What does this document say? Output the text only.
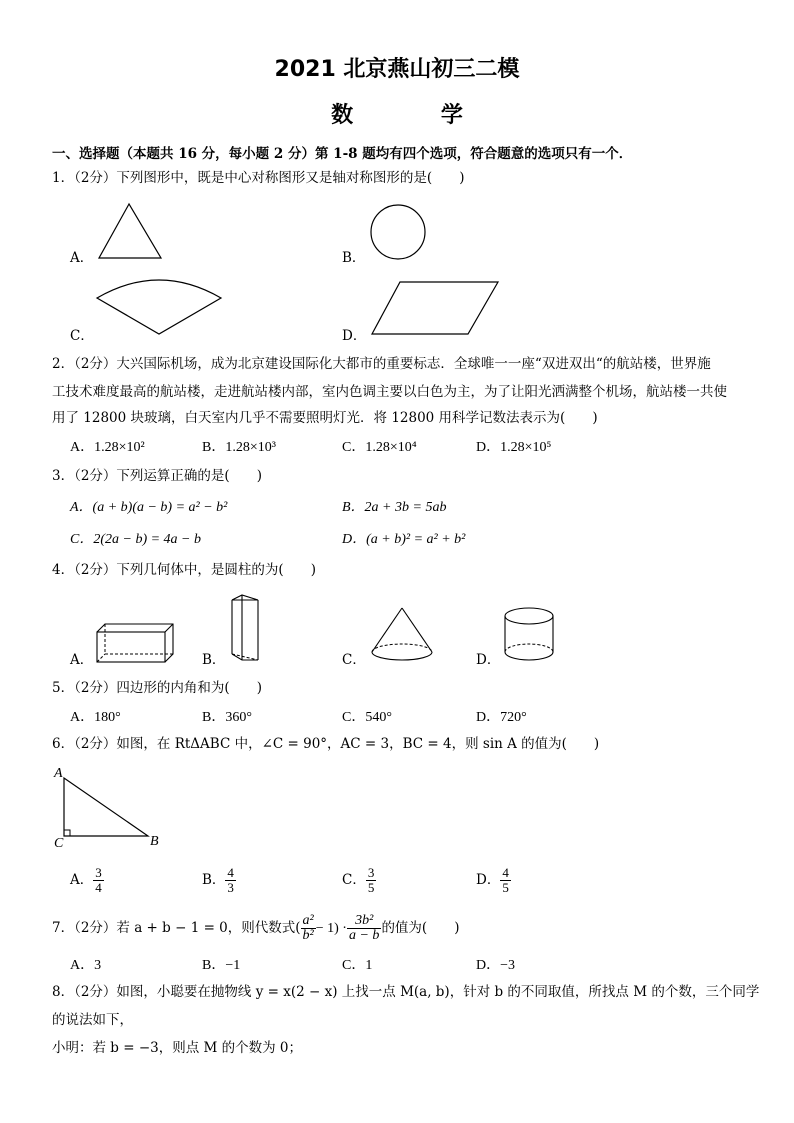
2021 北京燕山初三二模
数 学
一、选择题（本题共 16 分，每小题 2 分）第 1-8 题均有四个选项，符合题意的选项只有一个．
1．（2分）下列图形中，既是中心对称图形又是轴对称图形的是(　　)
A．	B．
C．	D．
2．（2分）大兴国际机场，成为北京建设国际化大都市的重要标志．全球唯一一座“双进双出“的航站楼，世界施
工技术难度最高的航站楼，走进航站楼内部，室内色调主要以白色为主，为了让阳光洒满整个机场，航站楼一共使
用了 12800 块玻璃，白天室内几乎不需要照明灯光．将 12800 用科学记数法表示为(　　)
A．1.28×10²	B．1.28×10³	C．1.28×10⁴	D．1.28×10⁵
3．（2分）下列运算正确的是(　　)
A．(a + b)(a − b) = a² − b²	B．2a + 3b = 5ab
C．2(2a − b) = 4a − b	D．(a + b)² = a² + b²
4．（2分）下列几何体中，是圆柱的为(　　)
A．	B．	C．	D．
5．（2分）四边形的内角和为(　　)
A．180°	B．360°	C．540°	D．720°
6．（2分）如图，在 RtΔABC 中，∠C = 90°，AC = 3，BC = 4，则 sin A 的值为(　　)
A
C	B
A． $\frac{3}{4}$	B． $\frac{4}{3}$	C． $\frac{3}{5}$	D． $\frac{4}{5}$
7．（2分）若 a + b − 1 = 0，则代数式( $\frac{\text{a²}}{\text{b²}} - 1) \cdot \frac{\text{3b²}}{a - b}$ 的值为(　　)
A．3	B．−1	C．1	D．−3
8．（2分）如图，小聪要在抛物线 y = x(2 − x) 上找一点 M(a, b)，针对 b 的不同取值，所找点 M 的个数，三个同学
的说法如下，
小明：若 b = −3，则点 M 的个数为 0；
